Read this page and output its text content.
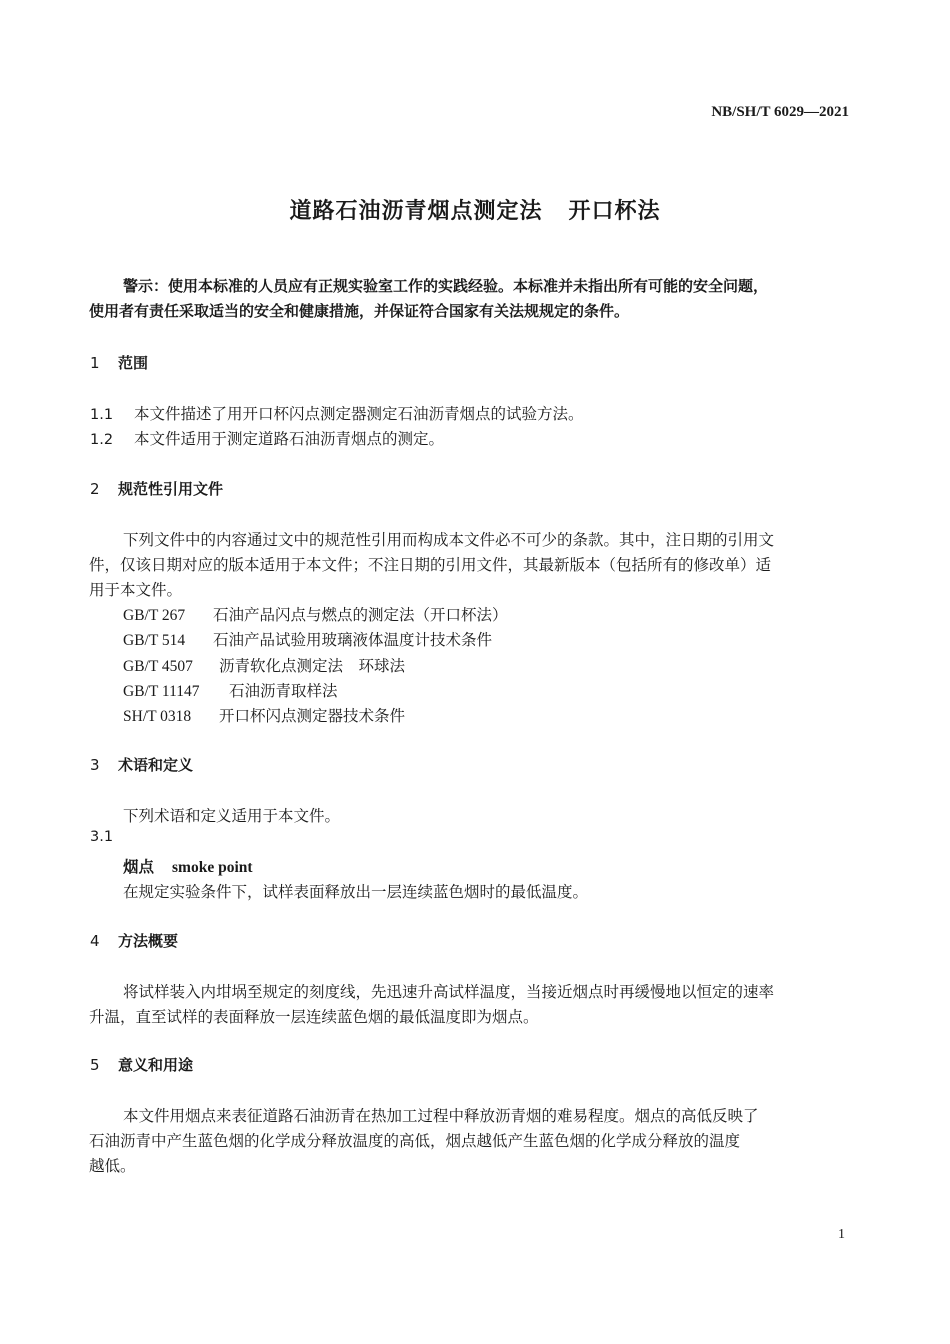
NB/SH/T 6029—2021
道路石油沥青烟点测定法 开口杯法
警示：使用本标准的人员应有正规实验室工作的实践经验。本标准并未指出所有可能的安全问题，
使用者有责任采取适当的安全和健康措施，并保证符合国家有关法规规定的条件。
1 范围
1.1 本文件描述了用开口杯闪点测定器测定石油沥青烟点的试验方法。
1.2 本文件适用于测定道路石油沥青烟点的测定。
2 规范性引用文件
下列文件中的内容通过文中的规范性引用而构成本文件必不可少的条款。其中，注日期的引用文
件，仅该日期对应的版本适用于本文件；不注日期的引用文件，其最新版本（包括所有的修改单）适
用于本文件。
GB/T 267 石油产品闪点与燃点的测定法（开口杯法）
GB/T 514 石油产品试验用玻璃液体温度计技术条件
GB/T 4507 沥青软化点测定法　环球法
GB/T 11147 石油沥青取样法
SH/T 0318 开口杯闪点测定器技术条件
3 术语和定义
下列术语和定义适用于本文件。
3.1
烟点 smoke point
在规定实验条件下，试样表面释放出一层连续蓝色烟时的最低温度。
4 方法概要
将试样装入内坩埚至规定的刻度线，先迅速升高试样温度，当接近烟点时再缓慢地以恒定的速率
升温，直至试样的表面释放一层连续蓝色烟的最低温度即为烟点。
5 意义和用途
本文件用烟点来表征道路石油沥青在热加工过程中释放沥青烟的难易程度。烟点的高低反映了
石油沥青中产生蓝色烟的化学成分释放温度的高低，烟点越低产生蓝色烟的化学成分释放的温度
越低。
1
